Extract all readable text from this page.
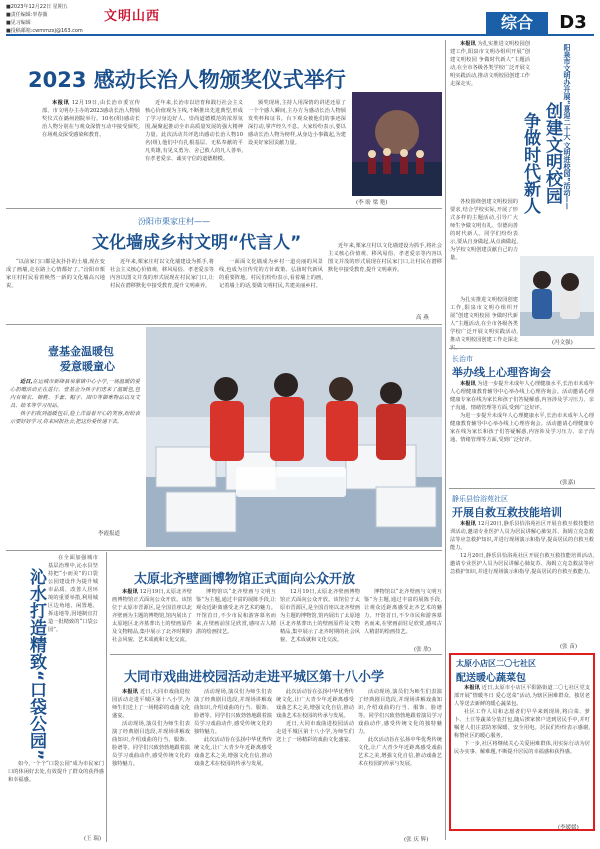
■2023年12月22日 星期五
■责任编辑:辜春薇
■见习编辑
■投稿邮箱:cwmmzxj@163.com
文明山西	综合	D3
2023 感动长治人物颁奖仪式举行

本报讯 12月19日,由长治市委宣传部、市文明办主办的2023感动长治人物颁奖仪式在潞州剧院举行。10名(组)感动长治人物分别在与观众深情互动中接受颁奖,在场观众深受感染和教育。

近年来,长治市以培育和践行社会主义核心价值观为主线,不断推出先进典型,形成了学习身边好人、崇尚道德模范的浓厚氛围,凝聚起推动全市高质量发展的强大精神力量。此次活动共评选出感动长治人物10名(组),他们中有扎根基层、无私奉献的平凡英雄,有见义勇为、舍己救人的凡人善举,有孝老爱亲、诚实守信的道德楷模。

颁奖现场,主持人用深情的讲述还原了一个个感人瞬间,主办方为感动长治人物颁发奖杯和证书。台下观众被他们的事迹深深打动,掌声经久不息。大家纷纷表示,要以感动长治人物为榜样,从身边小事做起,为建设美好家园贡献力量。

(李 盼 梁 艳)
汾阳市栗家庄村——
文化墙成乡村文明“代言人”

“以前家门口都是灰扑扑的土墙,现在变成了画墙,走在路上心情都好了。”汾阳市栗家庄村村民看着焕然一新的文化墙高兴地说。

近年来,栗家庄村以文化墙建设为抓手,将社会主义核心价值观、移风易俗、孝老爱亲等内容以图文并茂的形式展现在村民家门口,让村民在潜移默化中接受教育,提升文明素养。

一面面文化墙成为乡村一道亮丽的风景线,也成为宣传党的方针政策、弘扬时代新风的重要阵地。村民们纷纷表示,看着墙上的画,记着墙上的话,要做文明村民,共建美丽乡村。

近年来,栗家庄村以文化墙建设为抓手,将社会主义核心价值观、移风易俗、孝老爱亲等内容以图文并茂的形式展现在村民家门口,让村民在潜移默化中接受教育,提升文明素养。

高 燕
壹基金温暖包
爱意暖童心

近日,在运城市新绛县泉掌镇中心小学,一场温暖的爱心捐赠活动正在进行。壹基金为孩子们送来了温暖包,包内有棉衣、棉鞋、手套、帽子、围巾等御寒物品以及文具、绘本等学习用品。

孩子们收到温暖包后,脸上洋溢着开心的笑容,纷纷表示要好好学习,将来回报社会,把这份爱传递下去。

李霞报道
沁水打造精致“口袋公园”

在全面加强城市基层治理中,沁水县坚持把“小而美”的口袋公园建设作为提升城市品质、改善人居环境的重要举措,利用城区边角地、闲置地、拆违地等,因地制宜打造一批精致的“口袋公园”。

如今,一个个“口袋公园”成为市民家门口的休闲好去处,有效提升了群众的获得感和幸福感。

(王 瑞)
太原北齐壁画博物馆正式面向公众开放

本报讯 12月19日,太原北齐壁画博物馆正式面向公众开放。该馆位于太原市晋源区,是全国首座以北齐壁画为主题的博物馆,馆内展出了太原地区北齐墓葬出土的壁画原件及文物精品,集中展示了北齐时期的社会风貌、艺术成就和文化交流。

博物馆以“北齐壁画与文明互鉴”为主题,通过丰富的展陈手段,让观众近距离感受北齐艺术的魅力。开馆首日,不少市民和游客慕名而来,在壁画前驻足欣赏,感叹古人精湛的绘画技艺。

12月19日,太原北齐壁画博物馆正式面向公众开放。该馆位于太原市晋源区,是全国首座以北齐壁画为主题的博物馆,馆内展出了太原地区北齐墓葬出土的壁画原件及文物精品,集中展示了北齐时期的社会风貌、艺术成就和文化交流。

博物馆以“北齐壁画与文明互鉴”为主题,通过丰富的展陈手段,让观众近距离感受北齐艺术的魅力。开馆首日,不少市民和游客慕名而来,在壁画前驻足欣赏,感叹古人精湛的绘画技艺。

(张 欣)
大同市戏曲进校园活动走进平城区第十八小学

本报讯 近日,大同市戏曲进校园活动走进平城区第十八小学,为师生们送上了一场精彩的戏曲文化盛宴。

活动现场,演员们为师生们表演了经典剧目选段,并现场讲解戏曲知识,介绍戏曲的行当、服饰、脸谱等。同学们兴致勃勃地跟着演员学习戏曲动作,感受传统文化的独特魅力。

活动现场,演员们为师生们表演了经典剧目选段,并现场讲解戏曲知识,介绍戏曲的行当、服饰、脸谱等。同学们兴致勃勃地跟着演员学习戏曲动作,感受传统文化的独特魅力。

此次活动旨在弘扬中华优秀传统文化,让广大青少年近距离感受戏曲艺术之美,增强文化自信,推动戏曲艺术在校园的传承与发展。

此次活动旨在弘扬中华优秀传统文化,让广大青少年近距离感受戏曲艺术之美,增强文化自信,推动戏曲艺术在校园的传承与发展。

近日,大同市戏曲进校园活动走进平城区第十八小学,为师生们送上了一场精彩的戏曲文化盛宴。

活动现场,演员们为师生们表演了经典剧目选段,并现场讲解戏曲知识,介绍戏曲的行当、服饰、脸谱等。同学们兴致勃勃地跟着演员学习戏曲动作,感受传统文化的独特魅力。

此次活动旨在弘扬中华优秀传统文化,让广大青少年近距离感受戏曲艺术之美,增强文化自信,推动戏曲艺术在校园的传承与发展。

(张 庆 辉)

本报讯 为扎实推进文明校园创建工作,阳泉市文明办组织开展“创建文明校园 争做时代新人”主题活动,在全市各级各类学校广泛开展文明实践活动,推动文明校园创建工作走深走实。	阳泉市文明办开展“喜迎二十大 文明进校园”活动——
创建文明校园
争做时代新人

各校围绕创建文明校园的要求,结合学校实际,开展了形式多样的主题活动,引导广大师生争做文明有礼、崇德向善的时代新人。同学们纷纷表示,要从自身做起,从点滴做起,为学校文明创建贡献自己的力量。

为扎实推进文明校园创建工作,阳泉市文明办组织开展“创建文明校园 争做时代新人”主题活动,在全市各级各类学校广泛开展文明实践活动,推动文明校园创建工作走深走	(冯文强)
长治市
举办线上心理咨询会

本报讯 为进一步提升未成年人心理健康水平,长治市未成年人心理健康教育辅导中心举办线上心理咨询会。活动邀请心理健康专家在线为家长和孩子们答疑解惑,内容涉及学习压力、亲子沟通、情绪管理等方面,受到广泛好评。

为进一步提升未成年人心理健康水平,长治市未成年人心理健康教育辅导中心举办线上心理咨询会。活动邀请心理健康专家在线为家长和孩子们答疑解惑,内容涉及学习压力、亲子沟通、情绪管理等方面,受到广泛好评。

(张嘉)
静乐县恰浴苑社区
开展自救互救技能培训

本报讯 12月20日,静乐县恰浴苑社区开展自救互救技能培训活动,邀请专业医护人员为居民讲解心肺复苏、海姆立克急救法等应急救护知识,并进行现场演示和指导,提高居民的自救互救能力。

12月20日,静乐县恰浴苑社区开展自救互救技能培训活动,邀请专业医护人员为居民讲解心肺复苏、海姆立克急救法等应急救护知识,并进行现场演示和指导,提高居民的自救互救能力。

(张 苗)
太原小店区二〇七社区
配送暖心蔬菜包

本报讯 近日,太原市小店区平阳路街道二〇七社区党支部开展“情暖冬日 爱心送菜”活动,为辖区困难群众、独居老人等送去新鲜的暖心蔬菜包。

社区工作人员和志愿者们早早来到现场,将白菜、萝卜、土豆等蔬菜分装打包,随后挨家挨户送到居民手中,并叮嘱老人们注意防寒保暖、安全用电。居民们纷纷表示感谢,称赞社区的暖心服务。

下一步,社区将继续关心关爱困难群体,用实际行动为居民办实事、解难题,不断提升居民的幸福感和获得感。

(李媛媛)
